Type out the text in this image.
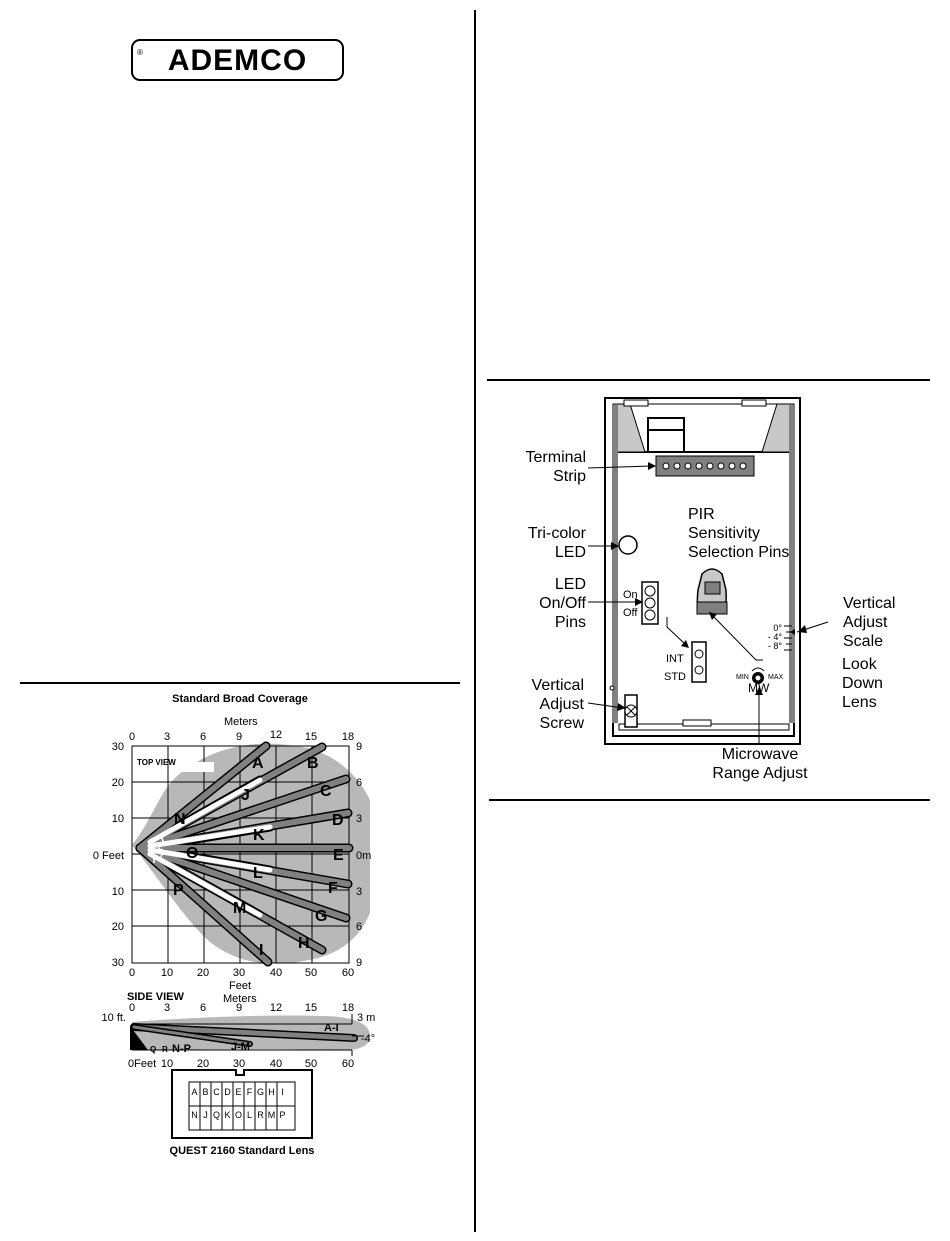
® ADEMCO
Standard Broad Coverage
Meters
TOP VIEW
0	3	6	9	12	15	18
0	10	20	30	40	50	60
Feet
30
20
10
0 Feet
10
20
30
9
6
3
0m
3
6
9
A	B
C
D
E
F
G
H
I
J
K
L
M
N
O
P
Q
R
SIDE VIEW	Meters
0	3	6	9	12	15	18
10 ft.	3 m
A-I
J-M
N-P
Q R
-4°
0Feet 10	20	30	40	50	60
A B C D E F G H I
N J Q K O L R M P
QUEST 2160 Standard Lens
Terminal
Strip
Tri-color
LED
PIR
Sensitivity
Selection Pins
LED
On/Off
Pins
On
Off
Vertical
Adjust
Scale
0°
- 4°
- 8°
INT
STD	MIN	MAX
MW
Look
Down
Lens
Vertical
Adjust
Screw
Microwave
Range Adjust
